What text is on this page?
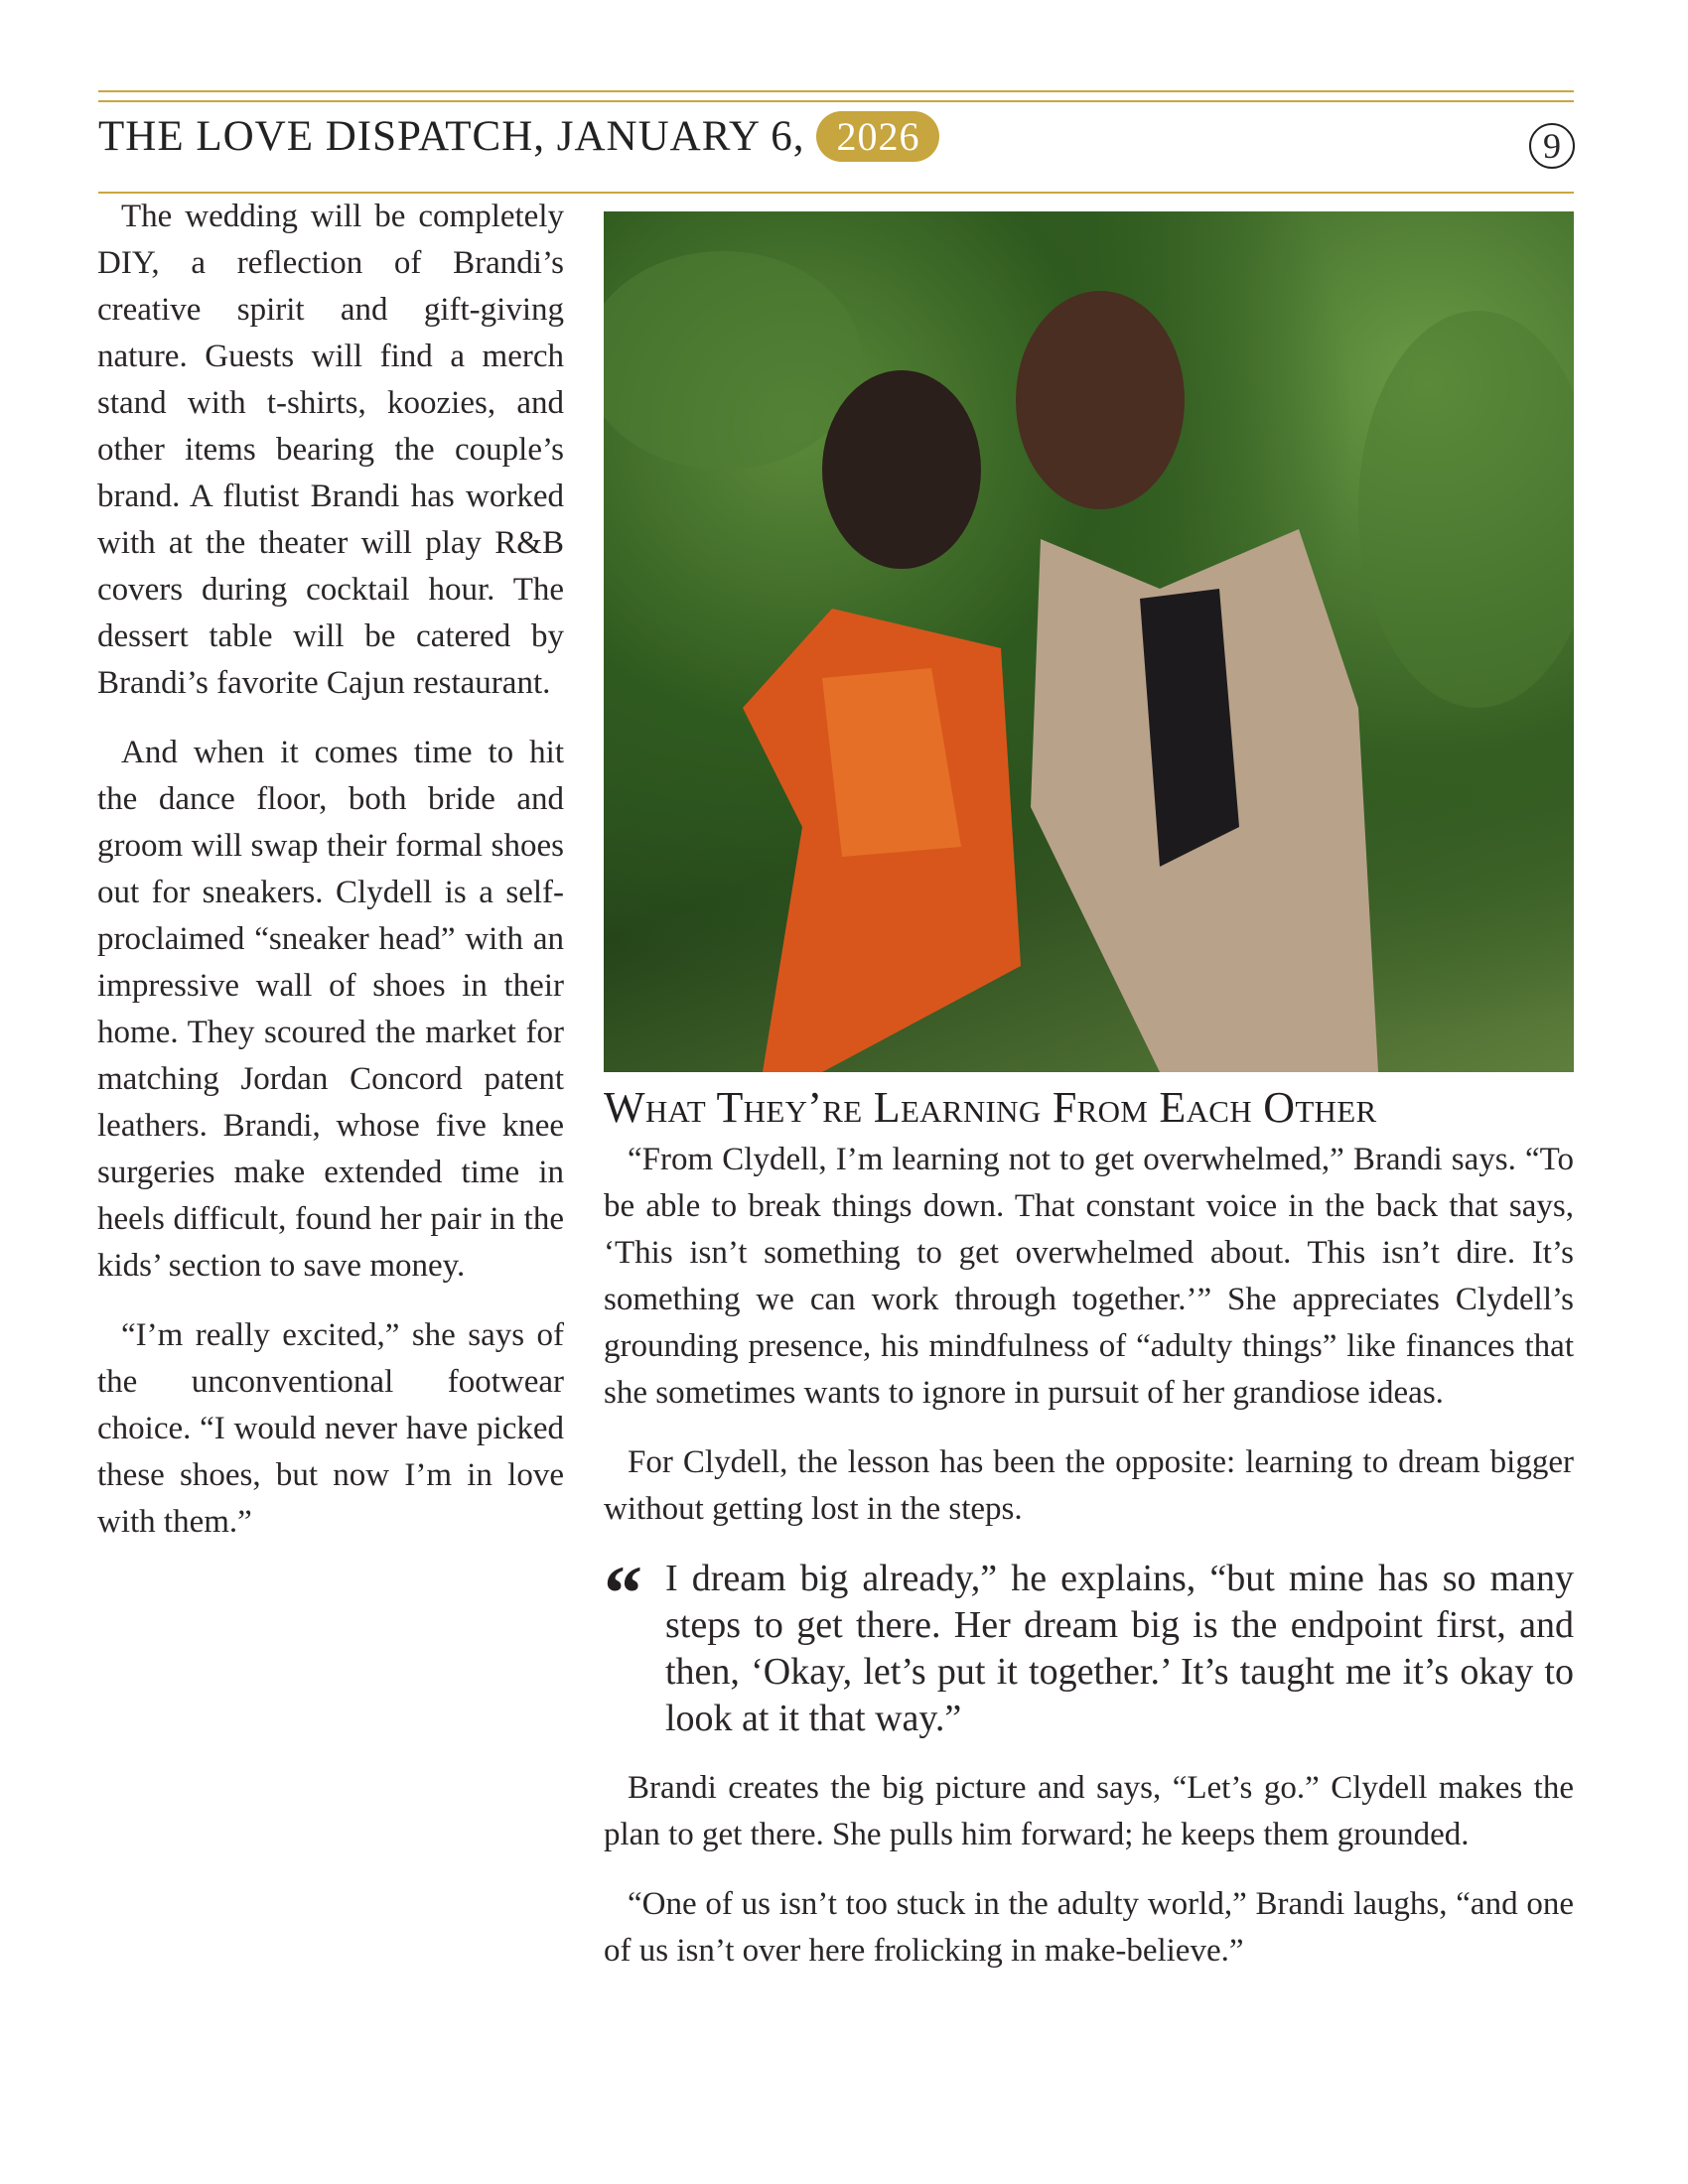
THE LOVE DISPATCH, JANUARY 6, 2026	9

The wedding will be completely DIY, a reflection of Brandi’s creative spirit and gift-giving nature. Guests will find a merch stand with t-shirts, koozies, and other items bearing the couple’s brand. A flutist Brandi has worked with at the theater will play R&B covers during cocktail hour. The dessert table will be catered by Brandi’s favorite Cajun restaurant.

And when it comes time to hit the dance floor, both bride and groom will swap their formal shoes out for sneakers. Clydell is a self-proclaimed “sneaker head” with an impressive wall of shoes in their home. They scoured the market for matching Jordan Concord patent leathers. Brandi, whose five knee surgeries make extended time in heels difficult, found her pair in the kids’ section to save money.

“I’m really excited,” she says of the unconventional footwear choice. “I would never have picked these shoes, but now I’m in love with them.”

What They’re Learning From Each Other

“From Clydell, I’m learning not to get overwhelmed,” Brandi says. “To be able to break things down. That constant voice in the back that says, ‘This isn’t something to get overwhelmed about. This isn’t dire. It’s something we can work through together.’” She appreciates Clydell’s grounding presence, his mindfulness of “adulty things” like finances that she sometimes wants to ignore in pursuit of her grandiose ideas.

For Clydell, the lesson has been the opposite: learning to dream bigger without getting lost in the steps.

“ I dream big already,” he explains, “but mine has so many steps to get there. Her dream big is the endpoint first, and then, ‘Okay, let’s put it together.’ It’s taught me it’s okay to look at it that way.”

Brandi creates the big picture and says, “Let’s go.” Clydell makes the plan to get there. She pulls him forward; he keeps them grounded.

“One of us isn’t too stuck in the adulty world,” Brandi laughs, “and one of us isn’t over here frolicking in make-believe.”
